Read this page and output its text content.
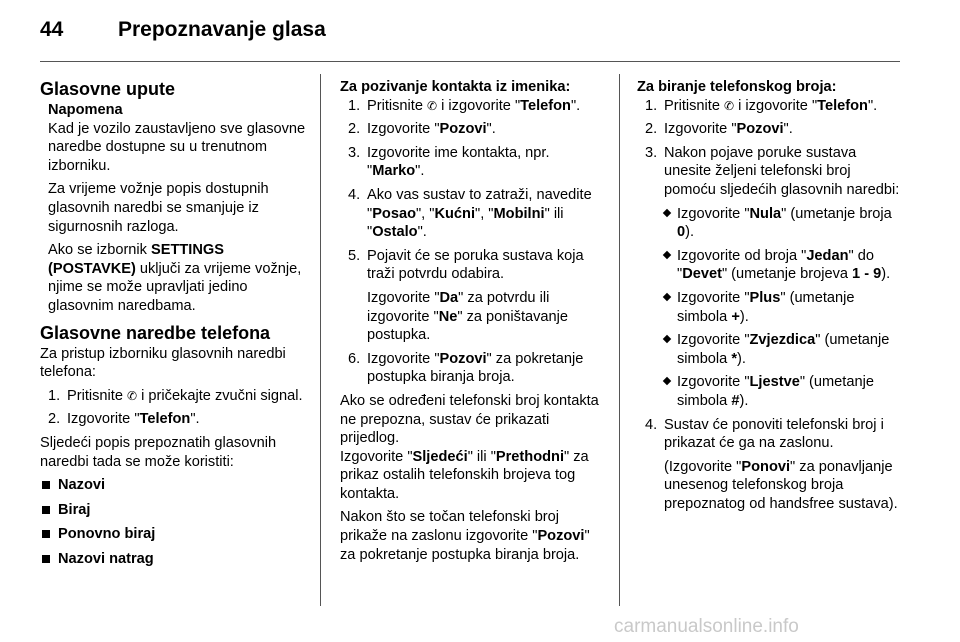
44	Prepoznavanje glasa
Glasovne upute
Napomena

Kad je vozilo zaustavljeno sve glasovne naredbe dostupne su u trenutnom izborniku.

Za vrijeme vožnje popis dostupnih glasovnih naredbi se smanjuje iz sigurnosnih razloga.

Ako se izbornik SETTINGS (POSTAVKE) uključi za vrijeme vožnje, njime se može upravljati jedino glasovnim naredbama.

Glasovne naredbe telefona

Za pristup izborniku glasovnih naredbi telefona:

1. Pritisnite ✆ i pričekajte zvučni signal.
2. Izgovorite "Telefon".

Sljedeći popis prepoznatih glasovnih naredbi tada se može koristiti:

Nazovi
Biraj
Ponovno biraj
Nazovi natrag
Za pozivanje kontakta iz imenika:
1. Pritisnite ✆ i izgovorite "Telefon".
2. Izgovorite "Pozovi".
3. Izgovorite ime kontakta, npr. "Marko".
4. Ako vas sustav to zatraži, navedite "Posao", "Kućni", "Mobilni" ili "Ostalo".
5. Pojavit će se poruka sustava koja traži potvrdu odabira.

Izgovorite "Da" za potvrdu ili izgovorite "Ne" za poništavanje postupka.

6. Izgovorite "Pozovi" za pokretanje postupka biranja broja.

Ako se određeni telefonski broj kontakta ne prepozna, sustav će prikazati prijedlog.

Izgovorite "Sljedeći" ili "Prethodni" za prikaz ostalih telefonskih brojeva tog kontakta.

Nakon što se točan telefonski broj prikaže na zaslonu izgovorite "Pozovi" za pokretanje postupka biranja broja.

Za biranje telefonskog broja:
1. Pritisnite ✆ i izgovorite "Telefon".
2. Izgovorite "Pozovi".
3. Nakon pojave poruke sustava unesite željeni telefonski broj pomoću sljedećih glasovnih naredbi:
Izgovorite "Nula" (umetanje broja 0).
Izgovorite od broja "Jedan" do "Devet" (umetanje brojeva 1 - 9).
Izgovorite "Plus" (umetanje simbola +).
Izgovorite "Zvjezdica" (umetanje simbola *).
Izgovorite "Ljestve" (umetanje simbola #).
4. Sustav će ponoviti telefonski broj i prikazat će ga na zaslonu.

(Izgovorite "Ponovi" za ponavljanje unesenog telefonskog broja prepoznatog od handsfree sustava).

carmanualsonline.info
